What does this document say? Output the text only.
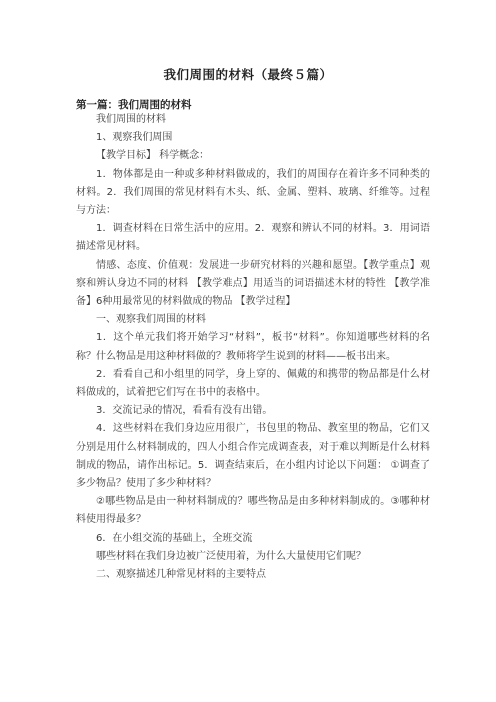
我们周围的材料（最终５篇）
第一篇：我们周围的材料

我们周围的材料

1、观察我们周围

【教学目标】 科学概念：

1．物体都是由一种或多种材料做成的，我们的周围存在着许多不同种类的材料。2．我们周围的常见材料有木头、纸、金属、塑料、玻璃、纤维等。过程与方法：

1．调查材料在日常生活中的应用。2．观察和辨认不同的材料。3．用词语描述常见材料。

情感、态度、价值观：发展进一步研究材料的兴趣和愿望。【教学重点】观察和辨认身边不同的材料 【教学难点】用适当的词语描述木材的特性 【教学准备】6种用最常见的材料做成的物品 【教学过程】

一、观察我们周围的材料

1．这个单元我们将开始学习“材料”，板书“材料”。你知道哪些材料的名称？什么物品是用这种材料做的？教师将学生说到的材料——板书出来。

2．看看自己和小组里的同学，身上穿的、佩戴的和携带的物品都是什么材料做成的，试着把它们写在书中的表格中。

3．交流记录的情况，看看有没有出错。

4．这些材料在我们身边应用很广，书包里的物品、教室里的物品，它们又分别是用什么材料制成的，四人小组合作完成调查表，对于难以判断是什么材料制成的物品，请作出标记。5．调查结束后，在小组内讨论以下问题： ①调查了多少物品？使用了多少种材料？

②哪些物品是由一种材料制成的？哪些物品是由多种材料制成的。③哪种材料使用得最多？

6．在小组交流的基础上，全班交流

哪些材料在我们身边被广泛使用着，为什么大量使用它们呢？

二、观察描述几种常见材料的主要特点
